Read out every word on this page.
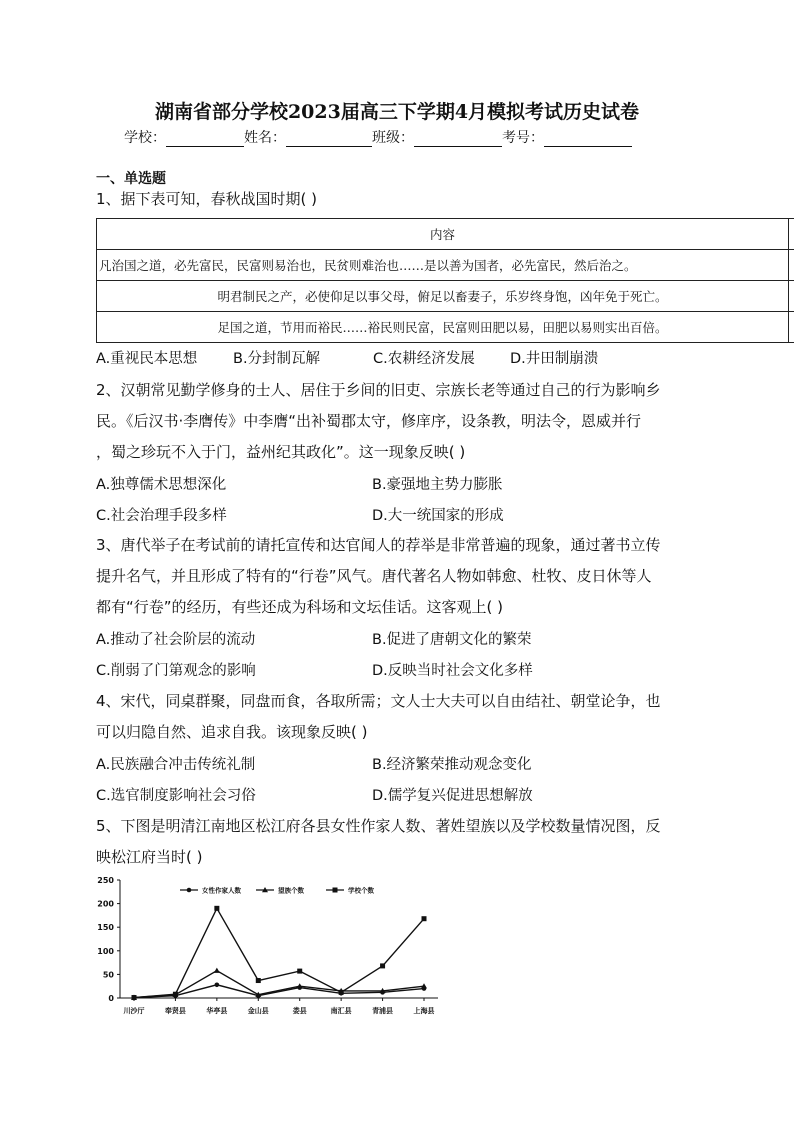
湖南省部分学校2023届高三下学期4月模拟考试历史试卷
学校：	姓名：	班级：	考号：
一、单选题
1、据下表可知，春秋战国时期( )
内容	
凡治国之道，必先富民，民富则易治也，民贫则难治也……是以善为国者，必先富民，然后治之。	
明君制民之产，必使仰足以事父母，俯足以畜妻子，乐岁终身饱，凶年免于死亡。	
足国之道，节用而裕民……裕民则民富，民富则田肥以易，田肥以易则实出百倍。	
A.重视民本思想 B.分封制瓦解	C.农耕经济发展 D.井田制崩溃
2、汉朝常见勤学修身的士人、居住于乡间的旧吏、宗族长老等通过自己的行为影响乡
民。《后汉书·李膺传》中李膺“出补蜀郡太守，修庠序，设条教，明法令，恩威并行
，蜀之珍玩不入于门，益州纪其政化”。这一现象反映( )
A.独尊儒术思想深化	B.豪强地主势力膨胀
C.社会治理手段多样	D.大一统国家的形成
3、唐代举子在考试前的请托宣传和达官闻人的荐举是非常普遍的现象，通过著书立传
提升名气，并且形成了特有的“行卷”风气。唐代著名人物如韩愈、杜牧、皮日休等人
都有“行卷”的经历，有些还成为科场和文坛佳话。这客观上( )
A.推动了社会阶层的流动	B.促进了唐朝文化的繁荣
C.削弱了门第观念的影响	D.反映当时社会文化多样
4、宋代，同桌群聚，同盘而食，各取所需；文人士大夫可以自由结社、朝堂论争，也
可以归隐自然、追求自我。该现象反映( )
A.民族融合冲击传统礼制	B.经济繁荣推动观念变化
C.选官制度影响社会习俗	D.儒学复兴促进思想解放
5、下图是明清江南地区松江府各县女性作家人数、著姓望族以及学校数量情况图，反
映松江府当时( )
0
50
100
150
200
250
川沙厅	奉贤县	华亭县	金山县	娄县	南汇县	青浦县	上海县
女性作家人数	望族个数	学校个数
